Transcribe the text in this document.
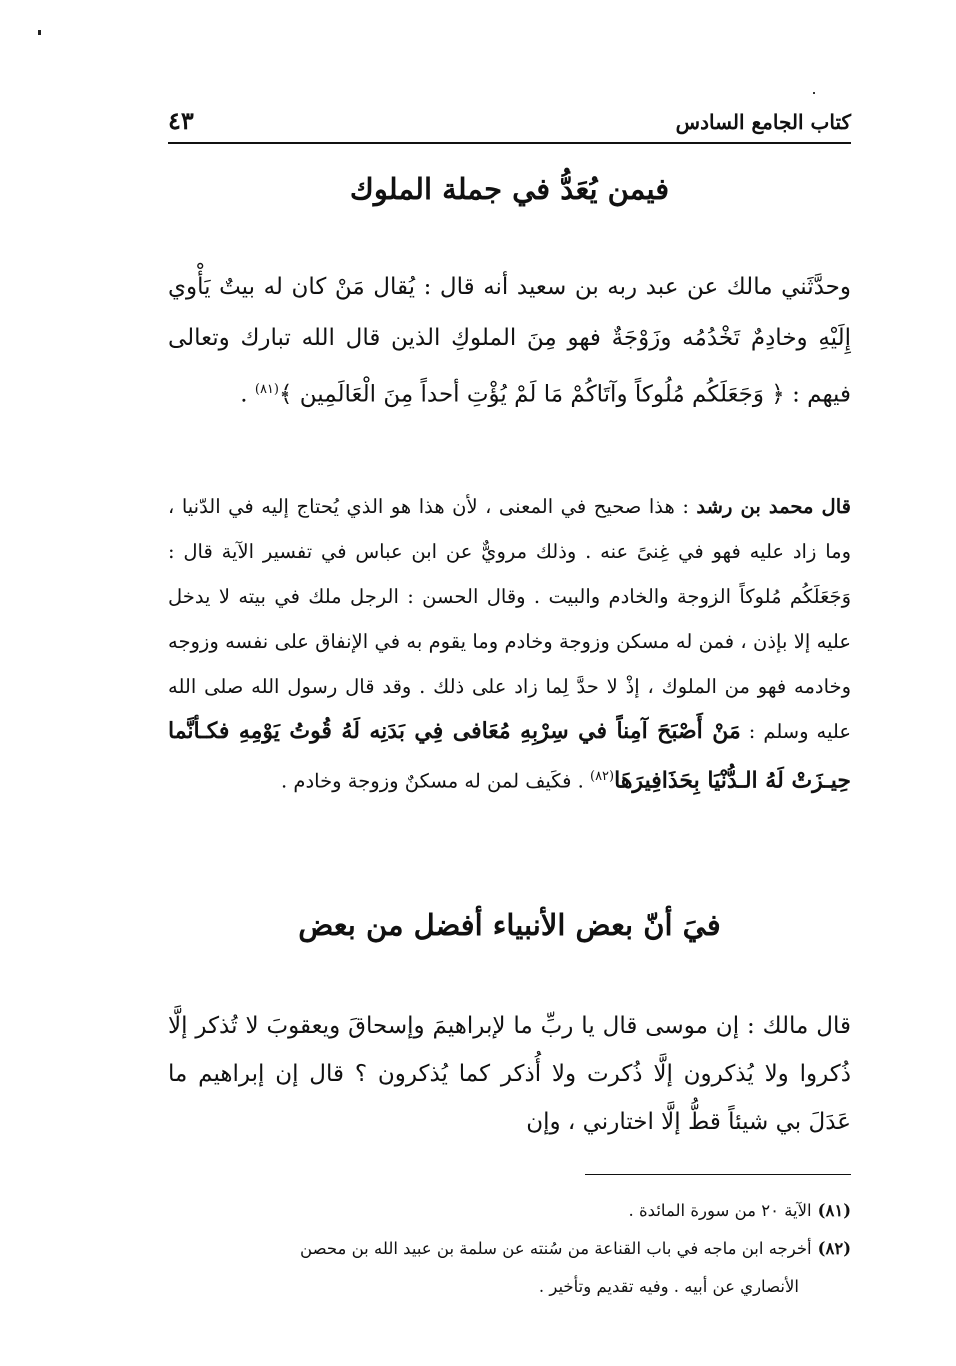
كتاب الجامع السادس
٤٣
فيمن يُعَدُّ في جملة الملوك
وحدَّثَني مالك عن عبد ربه بن سعيد أنه قال : يُقال مَنْ كان له بيتٌ يَأْوي إِلَيْهِ وخادِمٌ تَخْدُمُه وزَوْجَةٌ فهو مِنَ الملوكِ الذين قال الله تبارك وتعالى فيهم : ﴿ وَجَعَلَكُم مُلُوكاً وآتَاكُمْ مَا لَمْ يُؤْتِ أحداً مِنَ الْعَالَمِين ﴾$^{(٨١)}$ .
قال محمد بن رشد : هذا صحيح في المعنى ، لأن هذا هو الذي يُحتاج إليه في الدّنيا ، وما زاد عليه فهو في غِنىً عنه . وذلك مرويٌّ عن ابن عباس في تفسير الآية قال : وَجَعَلَكُم مُلوكاً الزوجة والخادم والبيت . وقال الحسن : الرجل ملك في بيته لا يدخل عليه إلا بإذن ، فمن له مسكن وزوجة وخادم وما يقوم به في الإنفاق على نفسه وزوجه وخادمه فهو من الملوك ، إذْ لا حدَّ لِما زاد على ذلك . وقد قال رسول الله صلى الله عليه وسلم : مَنْ أَصْبَحَ آمِناً في سِرْبِهِ مُعَافى فِي بَدَنِه لَهُ قُوتُ يَوْمِهِ فكـأنَّما حِيـزَتْ لَهُ الـدُّنْيَا بِحَذَافِيرَهَا$^{(٨٢)}$ . فكَيف لمن له مسكنٌ وزوجة وخادم .
فيَ أنّ بعض الأنبياء أفضل من بعض
قال مالك : إن موسى قال يا ربِّ ما لإبراهيمَ وإسحاقَ ويعقوبَ لا تُذكر إلَّا ذُكروا ولا يُذكرون إلَّا ذُكرت ولا أُذكر كما يُذكرون ؟ قال إن إبراهيم ما عَدَلَ بي شيئاً قطُّ إلَّا اختارني ، وإن
(٨١)الآية ٢٠ من سورة المائدة .
(٨٢)أخرجه ابن ماجه في باب القناعة من سُنته عن سلمة بن عبيد الله بن محصن
الأنصاري عن أبيه . وفيه تقديم وتأخير .
